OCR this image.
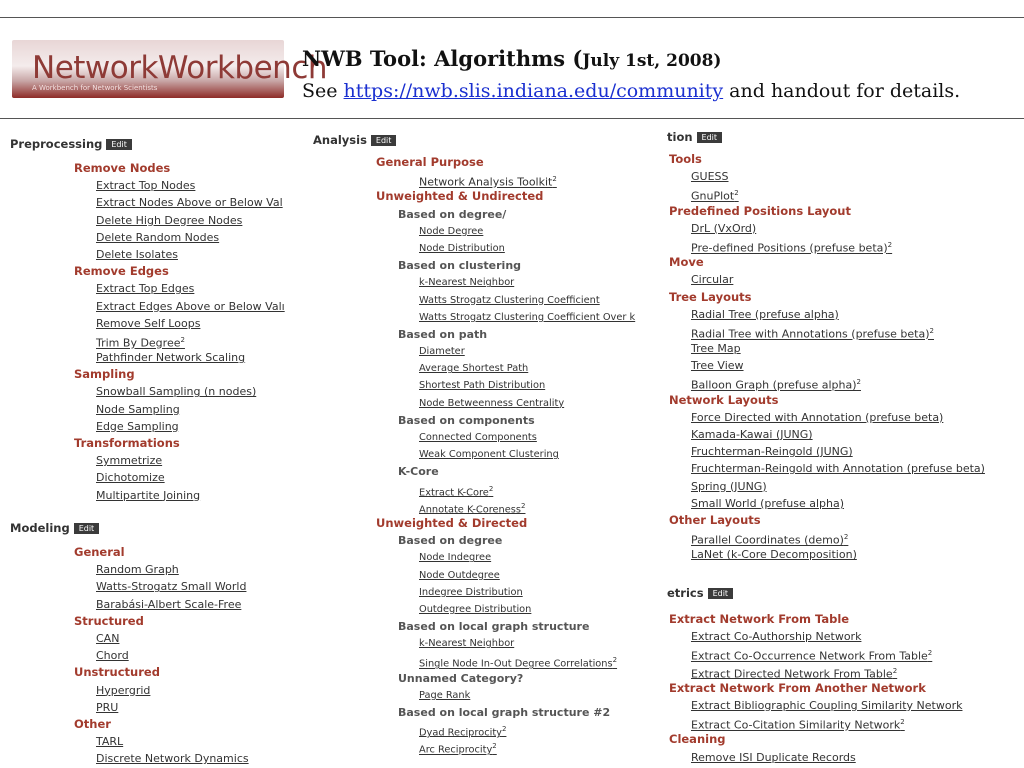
NetworkWorkbench
A Workbench for Network Scientists
NWB Tool: Algorithms (July 1st, 2008)
See https://nwb.slis.indiana.edu/community and handout for details.
Preprocessing Edit
Remove Nodes
Extract Top Nodes
Extract Nodes Above or Below Val
Delete High Degree Nodes
Delete Random Nodes
Delete Isolates
Remove Edges
Extract Top Edges
Extract Edges Above or Below Valı
Remove Self Loops
Trim By Degree$^2$
Pathfinder Network Scaling
Sampling
Snowball Sampling (n nodes)
Node Sampling
Edge Sampling
Transformations
Symmetrize
Dichotomize
Multipartite Joining
Modeling Edit
General
Random Graph
Watts-Strogatz Small World
Barabási-Albert Scale-Free
Structured
CAN
Chord
Unstructured
Hypergrid
PRU
Other
TARL
Discrete Network Dynamics
Analysis Edit
General Purpose
Network Analysis Toolkit$^2$
Unweighted & Undirected
Based on degree/
Node Degree
Node Distribution
Based on clustering
k-Nearest Neighbor
Watts Strogatz Clustering Coefficient
Watts Strogatz Clustering Coefficient Over k
Based on path
Diameter
Average Shortest Path
Shortest Path Distribution
Node Betweenness Centrality
Based on components
Connected Components
Weak Component Clustering
K-Core
Extract K-Core$^2$
Annotate K-Coreness$^2$
Unweighted & Directed
Based on degree
Node Indegree
Node Outdegree
Indegree Distribution
Outdegree Distribution
Based on local graph structure
k-Nearest Neighbor
Single Node In-Out Degree Correlations$^2$
Unnamed Category?
Page Rank
Based on local graph structure #2
Dyad Reciprocity$^2$
Arc Reciprocity$^2$
tion Edit
Tools
GUESS
GnuPlot$^2$
Predefined Positions Layout
DrL (VxOrd)
Pre-defined Positions (prefuse beta)$^2$
Move
Circular
Tree Layouts
Radial Tree (prefuse alpha)
Radial Tree with Annotations (prefuse beta)$^2$
Tree Map
Tree View
Balloon Graph (prefuse alpha)$^2$
Network Layouts
Force Directed with Annotation (prefuse beta)
Kamada-Kawai (JUNG)
Fruchterman-Reingold (JUNG)
Fruchterman-Reingold with Annotation (prefuse beta)
Spring (JUNG)
Small World (prefuse alpha)
Other Layouts
Parallel Coordinates (demo)$^2$
LaNet (k-Core Decomposition)
etrics Edit
Extract Network From Table
Extract Co-Authorship Network
Extract Co-Occurrence Network From Table$^2$
Extract Directed Network From Table$^2$
Extract Network From Another Network
Extract Bibliographic Coupling Similarity Network
Extract Co-Citation Similarity Network$^2$
Cleaning
Remove ISI Duplicate Records
